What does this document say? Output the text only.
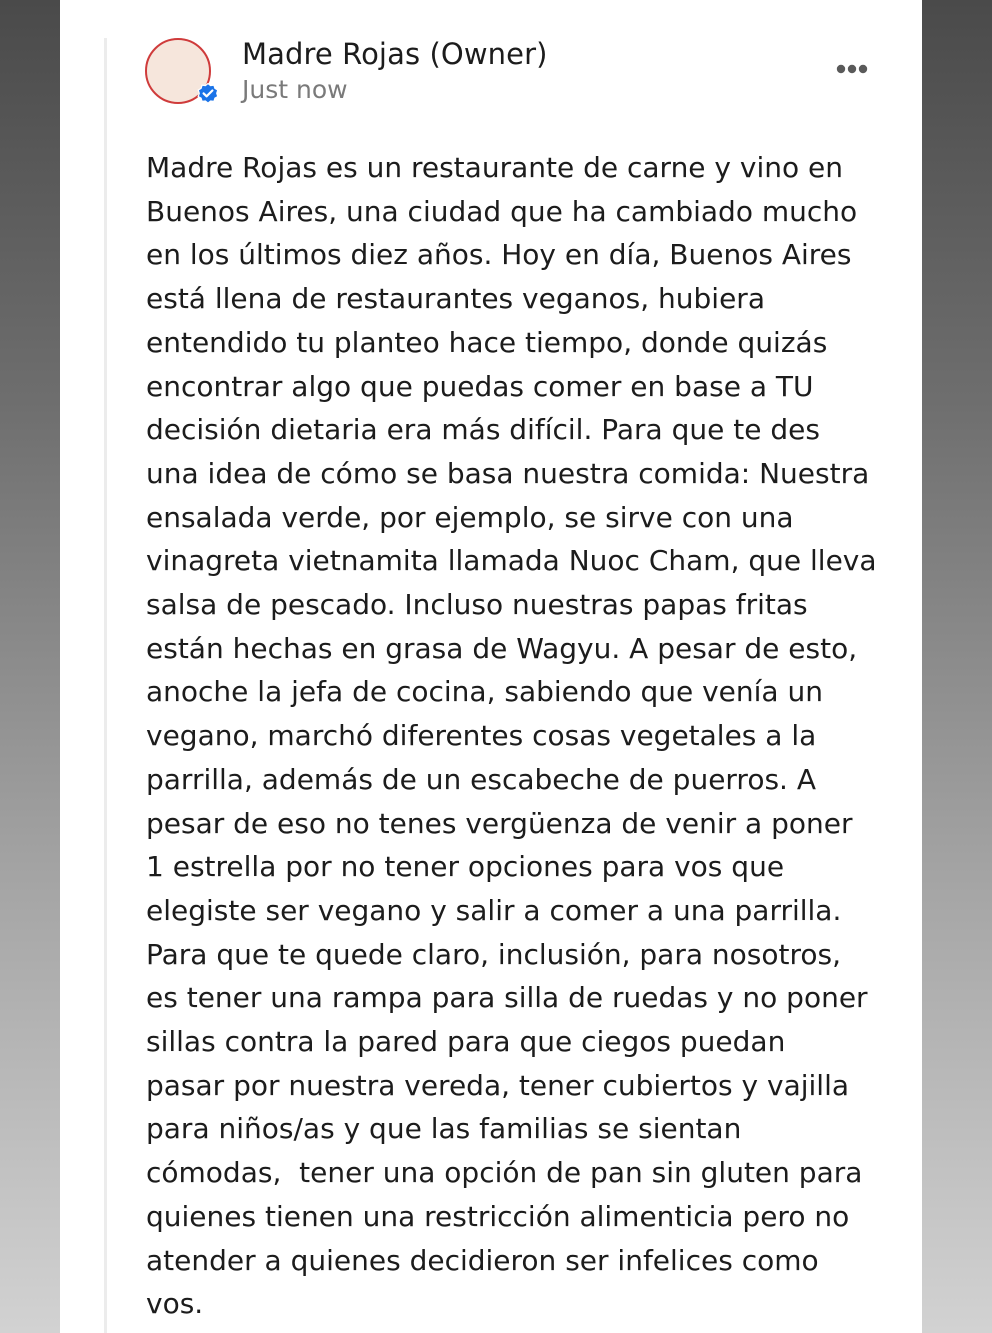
Madre Rojas (Owner)
Just now
Madre Rojas es un restaurante de carne y vino en
Buenos Aires, una ciudad que ha cambiado mucho
en los últimos diez años. Hoy en día, Buenos Aires
está llena de restaurantes veganos, hubiera
entendido tu planteo hace tiempo, donde quizás
encontrar algo que puedas comer en base a TU
decisión dietaria era más difícil. Para que te des
una idea de cómo se basa nuestra comida: Nuestra
ensalada verde, por ejemplo, se sirve con una
vinagreta vietnamita llamada Nuoc Cham, que lleva
salsa de pescado. Incluso nuestras papas fritas
están hechas en grasa de Wagyu. A pesar de esto,
anoche la jefa de cocina, sabiendo que venía un
vegano, marchó diferentes cosas vegetales a la
parrilla, además de un escabeche de puerros. A
pesar de eso no tenes vergüenza de venir a poner
1 estrella por no tener opciones para vos que
elegiste ser vegano y salir a comer a una parrilla.
Para que te quede claro, inclusión, para nosotros,
es tener una rampa para silla de ruedas y no poner
sillas contra la pared para que ciegos puedan
pasar por nuestra vereda, tener cubiertos y vajilla
para niños/as y que las familias se sientan
cómodas,  tener una opción de pan sin gluten para
quienes tienen una restricción alimenticia pero no
atender a quienes decidieron ser infelices como
vos.
